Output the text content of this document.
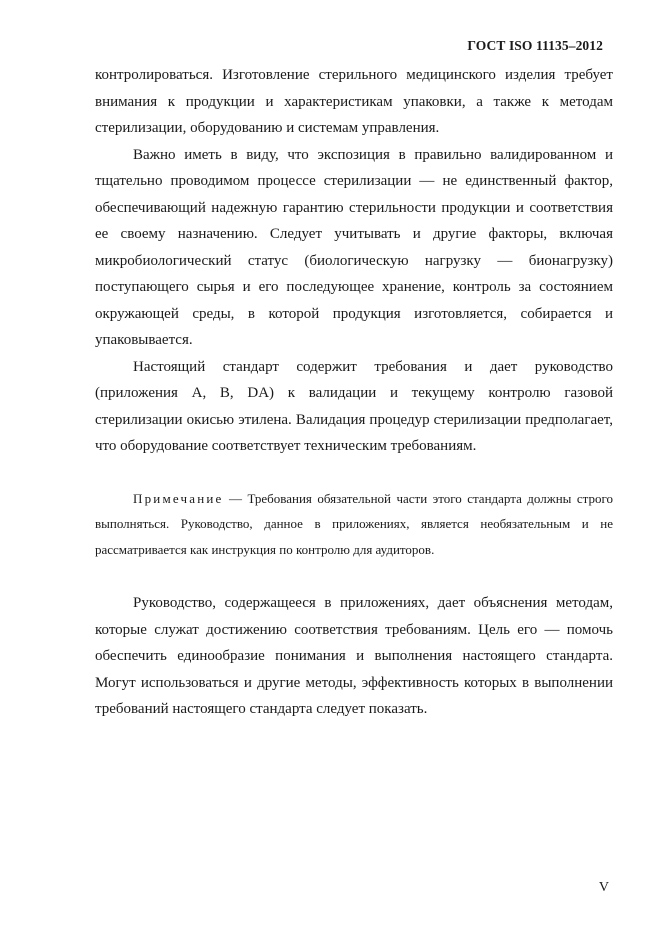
ГОСТ ISO 11135–2012

контролироваться. Изготовление стерильного медицинского изделия требует внимания к продукции и характеристикам упаковки, а также к методам стерилизации, оборудованию и системам управления.

Важно иметь в виду, что экспозиция в правильно валидированном и тщательно проводимом процессе стерилизации — не единственный фактор, обеспечивающий надежную гарантию стерильности продукции и соответствия ее своему назначению. Следует учитывать и другие факторы, включая микробиологический статус (биологическую нагрузку — бионагрузку) поступающего сырья и его последующее хранение, контроль за состоянием окружающей среды, в которой продукция изготовляется, собирается и упаковывается.

Настоящий стандарт содержит требования и дает руководство (приложения А, В, DA) к валидации и текущему контролю газовой стерилизации окисью этилена. Валидация процедур стерилизации предполагает, что оборудование соответствует техническим требованиям.

Примечание — Требования обязательной части этого стандарта должны строго выполняться. Руководство, данное в приложениях, является необязательным и не рассматривается как инструкция по контролю для аудиторов.

Руководство, содержащееся в приложениях, дает объяснения методам, которые служат достижению соответствия требованиям. Цель его — помочь обеспечить единообразие понимания и выполнения настоящего стандарта. Могут использоваться и другие методы, эффективность которых в выполнении требований настоящего стандарта следует показать.

V
